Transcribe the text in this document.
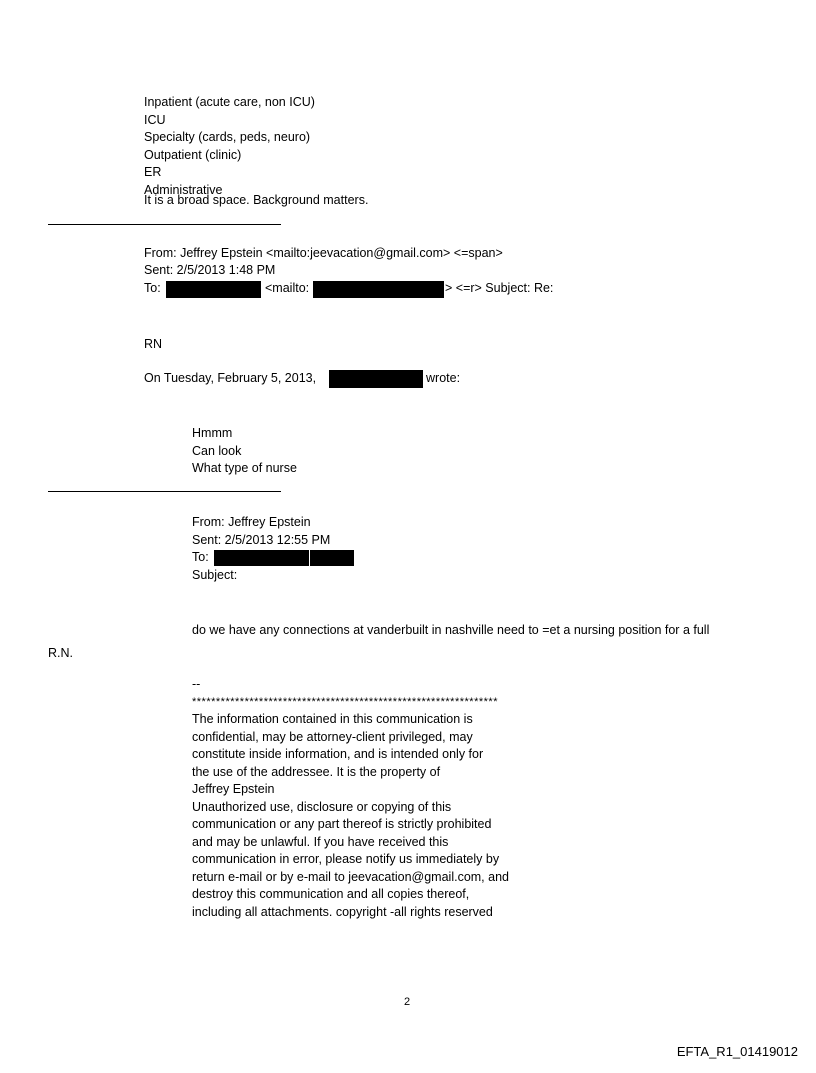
Inpatient (acute care, non ICU)
ICU
Specialty (cards, peds, neuro)
Outpatient (clinic)
ER
Administrative
It is a broad space. Background matters.
From: Jeffrey Epstein <mailto:jeevacation@gmail.com> <=span>
Sent: 2/5/2013 1:48 PM
To:	<mailto:	> <=r> Subject: Re:
RN
On Tuesday, February 5, 2013,	wrote:
Hmmm
Can look
What type of nurse
From: Jeffrey Epstein
Sent: 2/5/2013 12:55 PM
To:
Subject:
do we have any connections at vanderbuilt in nashville need to =et a nursing position for a full
R.N.
--
****************************************************************
The information contained in this communication is
confidential, may be attorney-client privileged, may
constitute inside information, and is intended only for
the use of the addressee. It is the property of
Jeffrey Epstein
Unauthorized use, disclosure or copying of this
communication or any part thereof is strictly prohibited
and may be unlawful. If you have received this
communication in error, please notify us immediately by
return e-mail or by e-mail to jeevacation@gmail.com, and
destroy this communication and all copies thereof,
including all attachments. copyright -all rights reserved
2
EFTA_R1_01419012
